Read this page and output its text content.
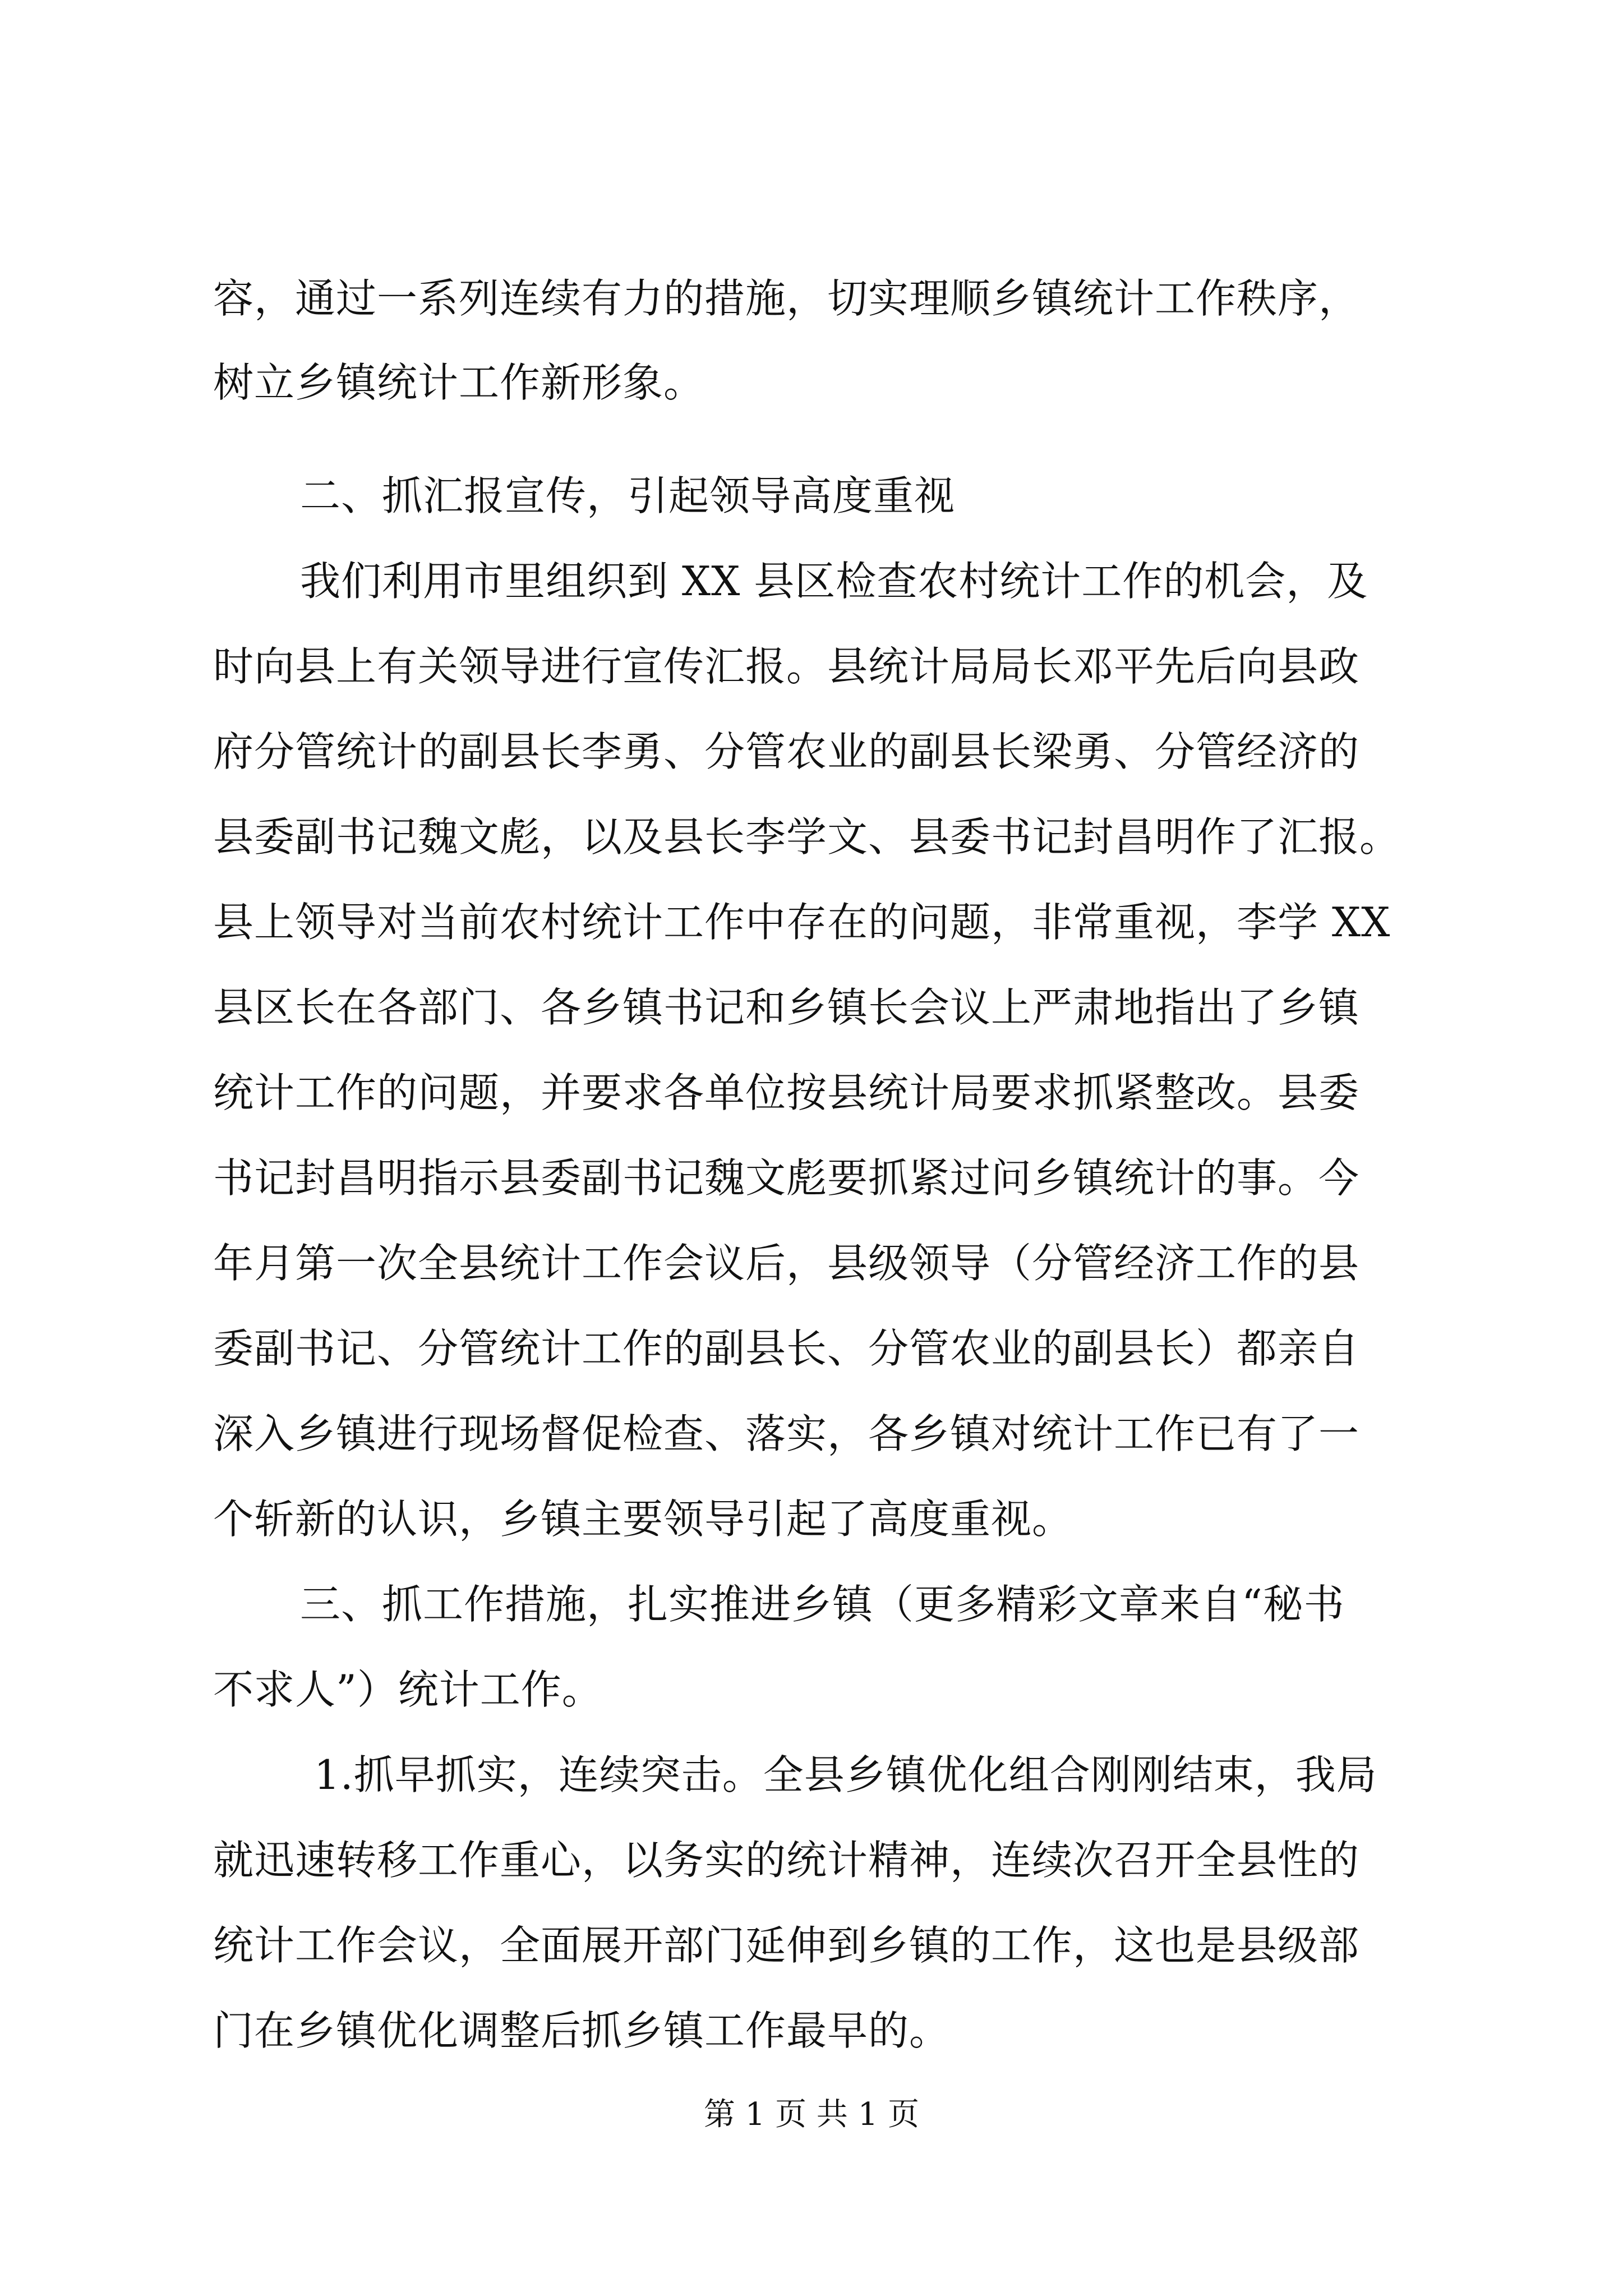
容，通过一系列连续有力的措施，切实理顺乡镇统计工作秩序，
树立乡镇统计工作新形象。
二、抓汇报宣传，引起领导高度重视
我们利用市里组织到 XX 县区检查农村统计工作的机会，及
时向县上有关领导进行宣传汇报。县统计局局长邓平先后向县政
府分管统计的副县长李勇、分管农业的副县长梁勇、分管经济的
县委副书记魏文彪，以及县长李学文、县委书记封昌明作了汇报。
县上领导对当前农村统计工作中存在的问题，非常重视，李学 XX
县区长在各部门、各乡镇书记和乡镇长会议上严肃地指出了乡镇
统计工作的问题，并要求各单位按县统计局要求抓紧整改。县委
书记封昌明指示县委副书记魏文彪要抓紧过问乡镇统计的事。今
年月第一次全县统计工作会议后，县级领导（分管经济工作的县
委副书记、分管统计工作的副县长、分管农业的副县长）都亲自
深入乡镇进行现场督促检查、落实，各乡镇对统计工作已有了一
个斩新的认识，乡镇主要领导引起了高度重视。
三、抓工作措施，扎实推进乡镇（更多精彩文章来自“秘书
不求人”）统计工作。
1.抓早抓实，连续突击。全县乡镇优化组合刚刚结束，我局
就迅速转移工作重心，以务实的统计精神，连续次召开全县性的
统计工作会议，全面展开部门延伸到乡镇的工作，这也是县级部
门在乡镇优化调整后抓乡镇工作最早的。
第 1 页 共 1 页
